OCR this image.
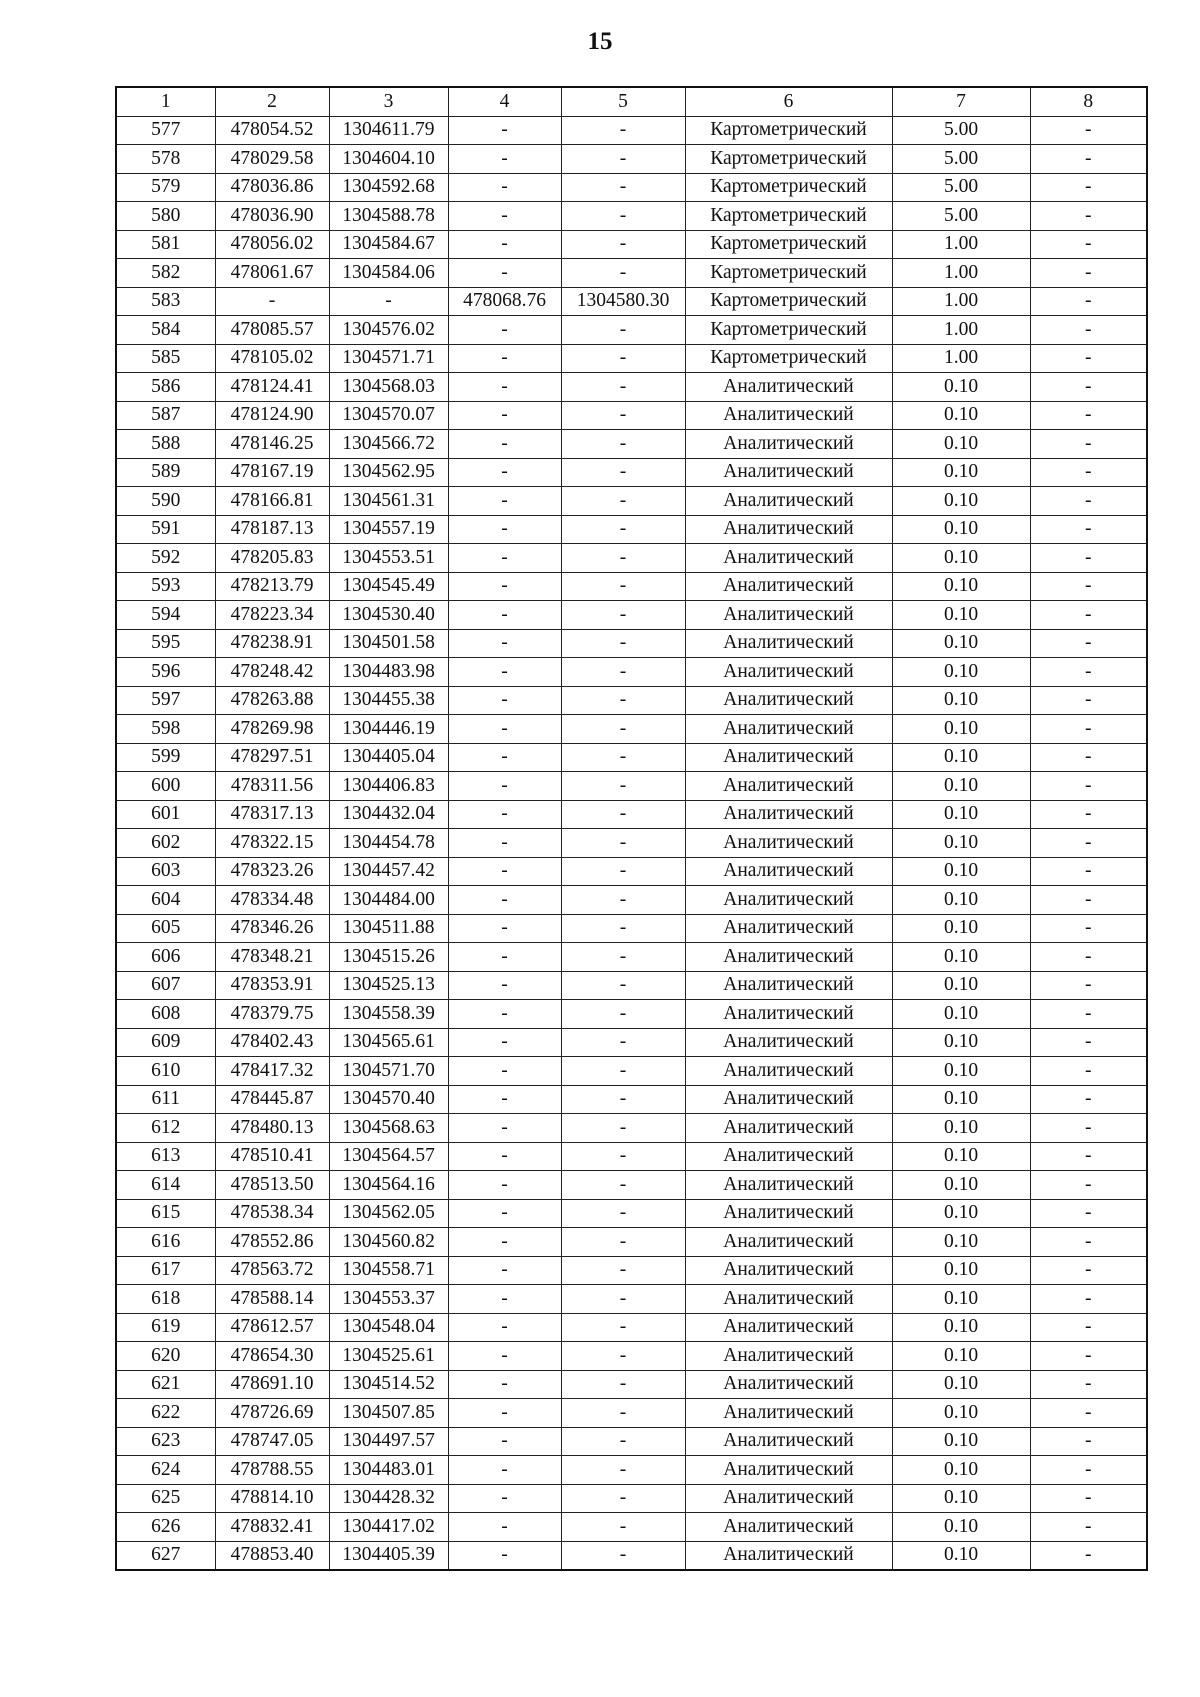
15
1	2	3	4	5	6	7	8
577	478054.52	1304611.79	-	-	Картометрический	5.00	-
578	478029.58	1304604.10	-	-	Картометрический	5.00	-
579	478036.86	1304592.68	-	-	Картометрический	5.00	-
580	478036.90	1304588.78	-	-	Картометрический	5.00	-
581	478056.02	1304584.67	-	-	Картометрический	1.00	-
582	478061.67	1304584.06	-	-	Картометрический	1.00	-
583	-	-	478068.76	1304580.30	Картометрический	1.00	-
584	478085.57	1304576.02	-	-	Картометрический	1.00	-
585	478105.02	1304571.71	-	-	Картометрический	1.00	-
586	478124.41	1304568.03	-	-	Аналитический	0.10	-
587	478124.90	1304570.07	-	-	Аналитический	0.10	-
588	478146.25	1304566.72	-	-	Аналитический	0.10	-
589	478167.19	1304562.95	-	-	Аналитический	0.10	-
590	478166.81	1304561.31	-	-	Аналитический	0.10	-
591	478187.13	1304557.19	-	-	Аналитический	0.10	-
592	478205.83	1304553.51	-	-	Аналитический	0.10	-
593	478213.79	1304545.49	-	-	Аналитический	0.10	-
594	478223.34	1304530.40	-	-	Аналитический	0.10	-
595	478238.91	1304501.58	-	-	Аналитический	0.10	-
596	478248.42	1304483.98	-	-	Аналитический	0.10	-
597	478263.88	1304455.38	-	-	Аналитический	0.10	-
598	478269.98	1304446.19	-	-	Аналитический	0.10	-
599	478297.51	1304405.04	-	-	Аналитический	0.10	-
600	478311.56	1304406.83	-	-	Аналитический	0.10	-
601	478317.13	1304432.04	-	-	Аналитический	0.10	-
602	478322.15	1304454.78	-	-	Аналитический	0.10	-
603	478323.26	1304457.42	-	-	Аналитический	0.10	-
604	478334.48	1304484.00	-	-	Аналитический	0.10	-
605	478346.26	1304511.88	-	-	Аналитический	0.10	-
606	478348.21	1304515.26	-	-	Аналитический	0.10	-
607	478353.91	1304525.13	-	-	Аналитический	0.10	-
608	478379.75	1304558.39	-	-	Аналитический	0.10	-
609	478402.43	1304565.61	-	-	Аналитический	0.10	-
610	478417.32	1304571.70	-	-	Аналитический	0.10	-
611	478445.87	1304570.40	-	-	Аналитический	0.10	-
612	478480.13	1304568.63	-	-	Аналитический	0.10	-
613	478510.41	1304564.57	-	-	Аналитический	0.10	-
614	478513.50	1304564.16	-	-	Аналитический	0.10	-
615	478538.34	1304562.05	-	-	Аналитический	0.10	-
616	478552.86	1304560.82	-	-	Аналитический	0.10	-
617	478563.72	1304558.71	-	-	Аналитический	0.10	-
618	478588.14	1304553.37	-	-	Аналитический	0.10	-
619	478612.57	1304548.04	-	-	Аналитический	0.10	-
620	478654.30	1304525.61	-	-	Аналитический	0.10	-
621	478691.10	1304514.52	-	-	Аналитический	0.10	-
622	478726.69	1304507.85	-	-	Аналитический	0.10	-
623	478747.05	1304497.57	-	-	Аналитический	0.10	-
624	478788.55	1304483.01	-	-	Аналитический	0.10	-
625	478814.10	1304428.32	-	-	Аналитический	0.10	-
626	478832.41	1304417.02	-	-	Аналитический	0.10	-
627	478853.40	1304405.39	-	-	Аналитический	0.10	-
